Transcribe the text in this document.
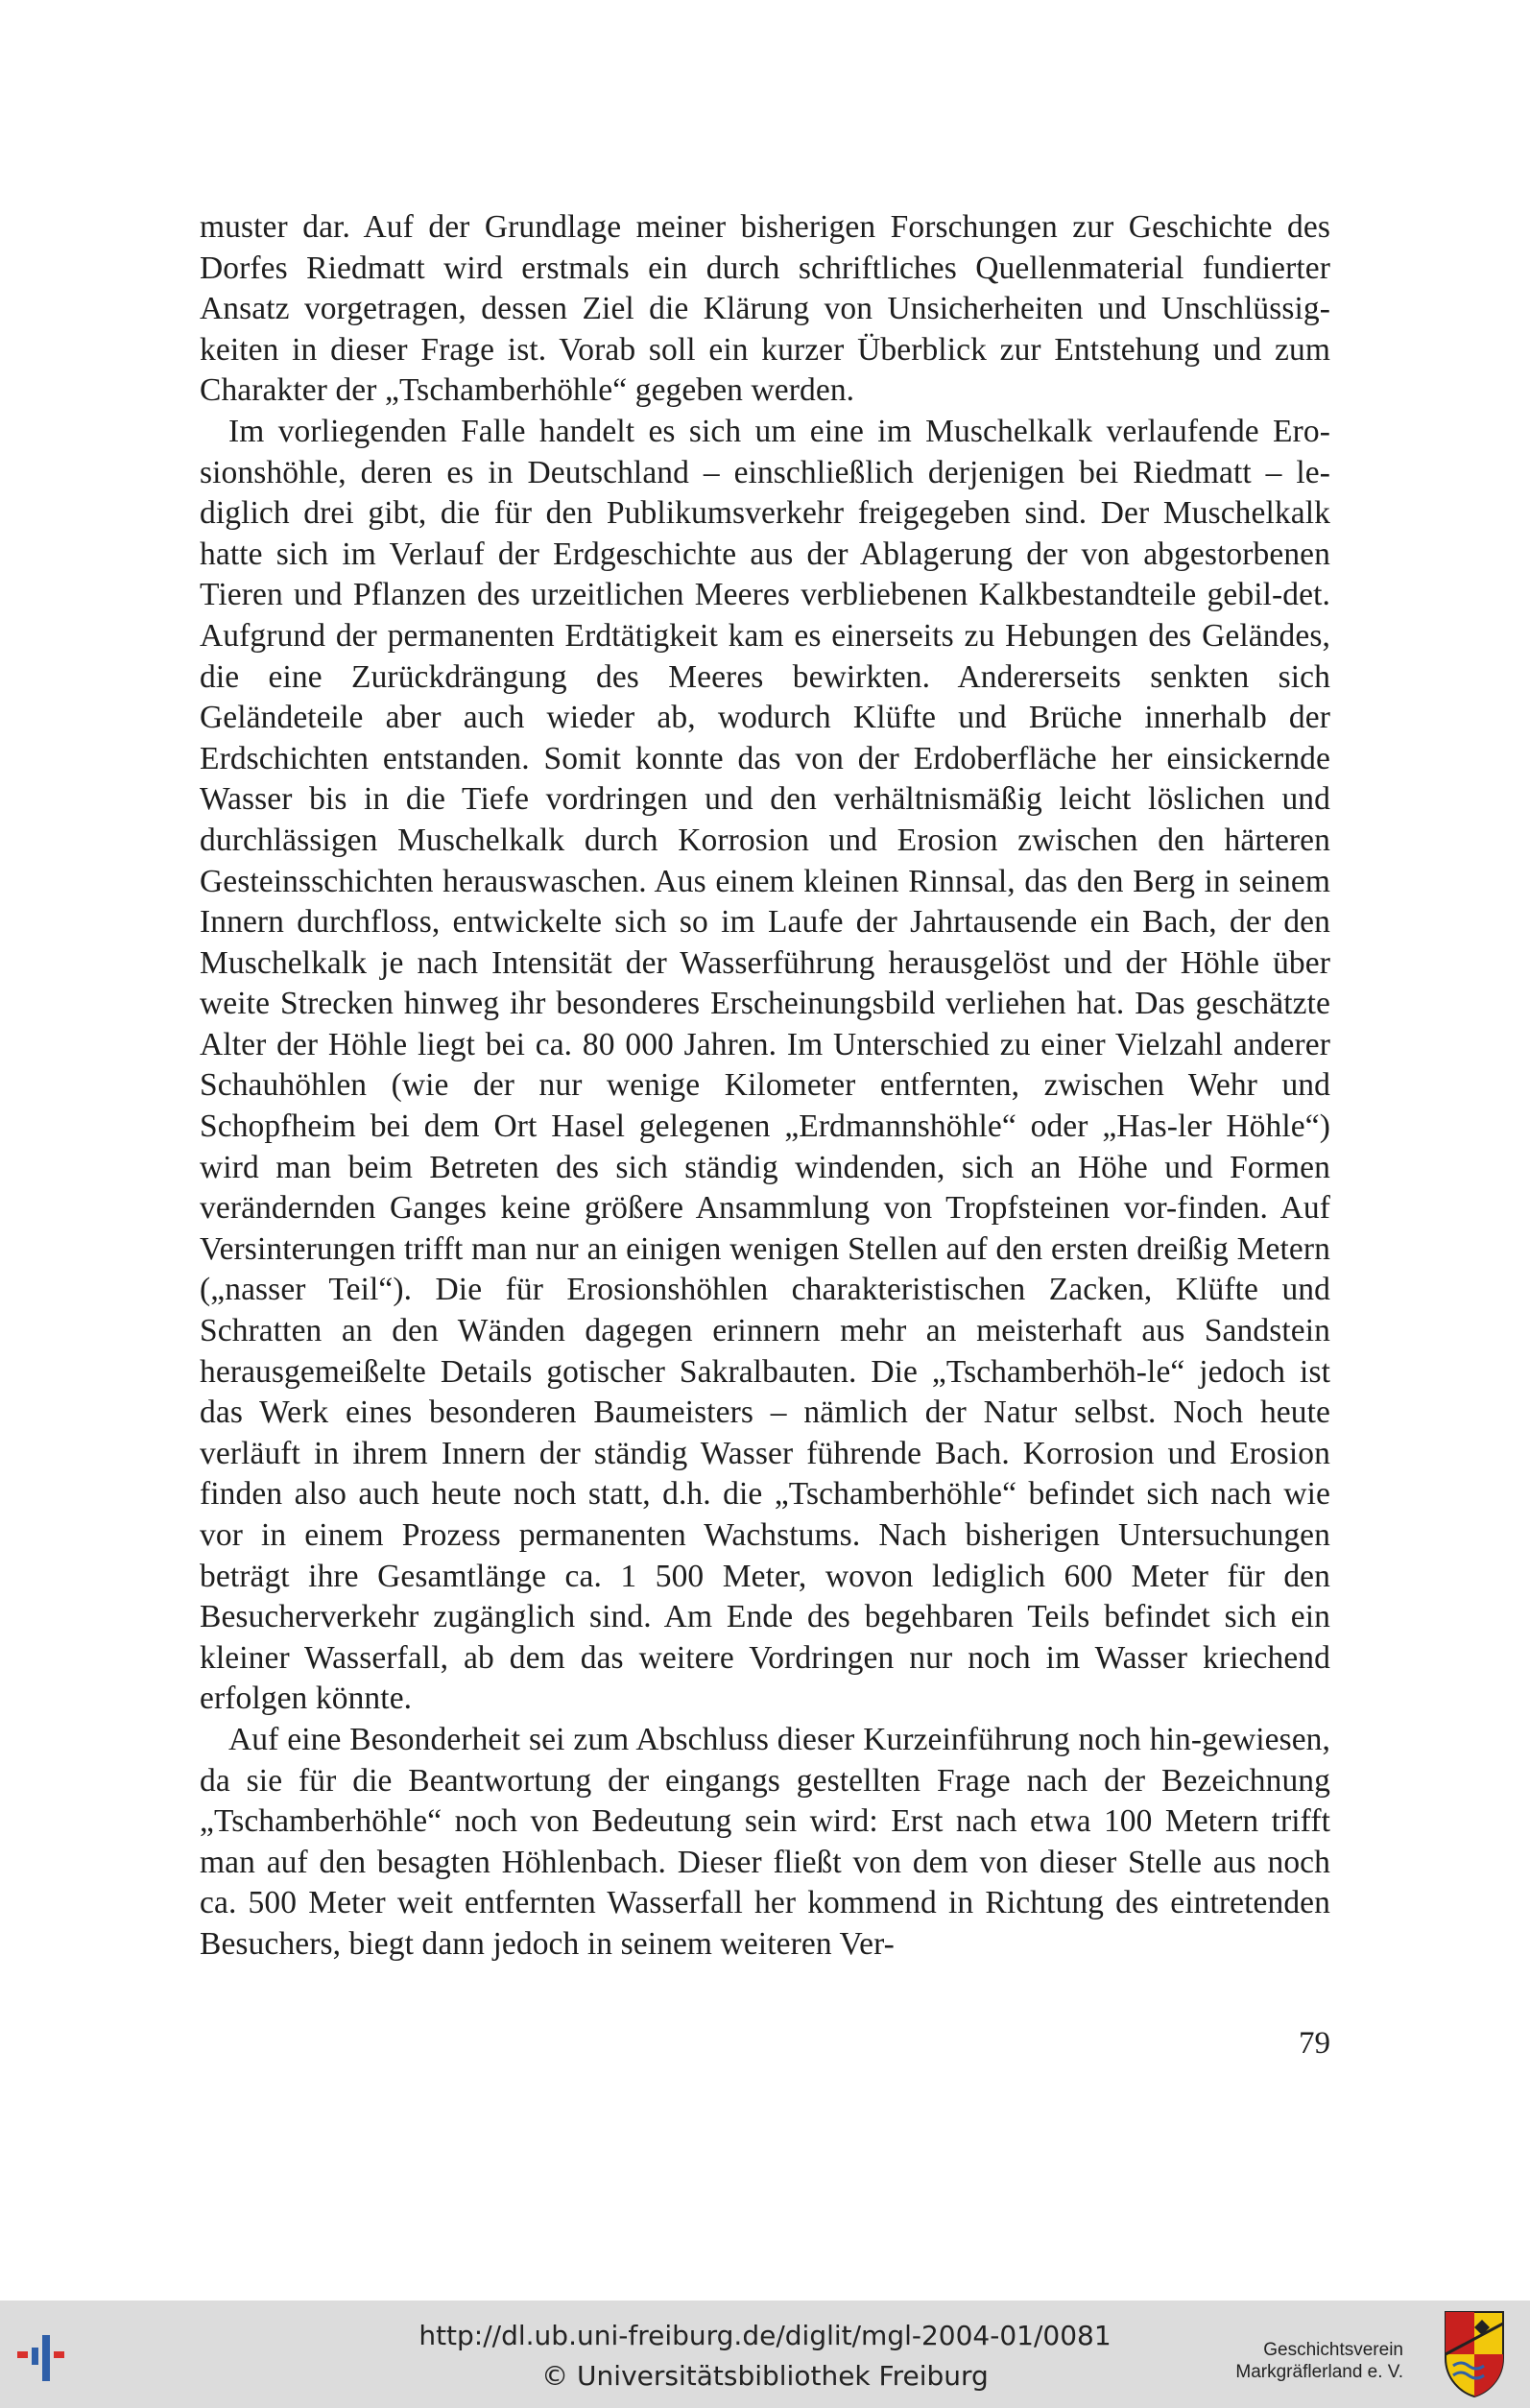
muster dar. Auf der Grundlage meiner bisherigen Forschungen zur Geschichte des Dorfes Riedmatt wird erstmals ein durch schriftliches Quellenmaterial fundierter Ansatz vorgetragen, dessen Ziel die Klärung von Unsicherheiten und Unschlüssig-keiten in dieser Frage ist. Vorab soll ein kurzer Überblick zur Entstehung und zum Charakter der „Tschamberhöhle“ gegeben werden.

Im vorliegenden Falle handelt es sich um eine im Muschelkalk verlaufende Ero-sionshöhle, deren es in Deutschland – einschließlich derjenigen bei Riedmatt – le-diglich drei gibt, die für den Publikumsverkehr freigegeben sind. Der Muschelkalk hatte sich im Verlauf der Erdgeschichte aus der Ablagerung der von abgestorbenen Tieren und Pflanzen des urzeitlichen Meeres verbliebenen Kalkbestandteile gebil-det. Aufgrund der permanenten Erdtätigkeit kam es einerseits zu Hebungen des Geländes, die eine Zurückdrängung des Meeres bewirkten. Andererseits senkten sich Geländeteile aber auch wieder ab, wodurch Klüfte und Brüche innerhalb der Erdschichten entstanden. Somit konnte das von der Erdoberfläche her einsickernde Wasser bis in die Tiefe vordringen und den verhältnismäßig leicht löslichen und durchlässigen Muschelkalk durch Korrosion und Erosion zwischen den härteren Gesteinsschichten herauswaschen. Aus einem kleinen Rinnsal, das den Berg in seinem Innern durchfloss, entwickelte sich so im Laufe der Jahrtausende ein Bach, der den Muschelkalk je nach Intensität der Wasserführung herausgelöst und der Höhle über weite Strecken hinweg ihr besonderes Erscheinungsbild verliehen hat. Das geschätzte Alter der Höhle liegt bei ca. 80 000 Jahren. Im Unterschied zu einer Vielzahl anderer Schauhöhlen (wie der nur wenige Kilometer entfernten, zwischen Wehr und Schopfheim bei dem Ort Hasel gelegenen „Erdmannshöhle“ oder „Has-ler Höhle“) wird man beim Betreten des sich ständig windenden, sich an Höhe und Formen verändernden Ganges keine größere Ansammlung von Tropfsteinen vor-finden. Auf Versinterungen trifft man nur an einigen wenigen Stellen auf den ersten dreißig Metern („nasser Teil“). Die für Erosionshöhlen charakteristischen Zacken, Klüfte und Schratten an den Wänden dagegen erinnern mehr an meisterhaft aus Sandstein herausgemeißelte Details gotischer Sakralbauten. Die „Tschamberhöh-le“ jedoch ist das Werk eines besonderen Baumeisters – nämlich der Natur selbst. Noch heute verläuft in ihrem Innern der ständig Wasser führende Bach. Korrosion und Erosion finden also auch heute noch statt, d.h. die „Tschamberhöhle“ befindet sich nach wie vor in einem Prozess permanenten Wachstums. Nach bisherigen Untersuchungen beträgt ihre Gesamtlänge ca. 1 500 Meter, wovon lediglich 600 Meter für den Besucherverkehr zugänglich sind. Am Ende des begehbaren Teils befindet sich ein kleiner Wasserfall, ab dem das weitere Vordringen nur noch im Wasser kriechend erfolgen könnte.

Auf eine Besonderheit sei zum Abschluss dieser Kurzeinführung noch hin-gewiesen, da sie für die Beantwortung der eingangs gestellten Frage nach der Bezeichnung „Tschamberhöhle“ noch von Bedeutung sein wird: Erst nach etwa 100 Metern trifft man auf den besagten Höhlenbach. Dieser fließt von dem von dieser Stelle aus noch ca. 500 Meter weit entfernten Wasserfall her kommend in Richtung des eintretenden Besuchers, biegt dann jedoch in seinem weiteren Ver-

79
http://dl.ub.uni-freiburg.de/diglit/mgl-2004-01/0081
© Universitätsbibliothek Freiburg
Geschichtsverein
Markgräflerland e. V.
